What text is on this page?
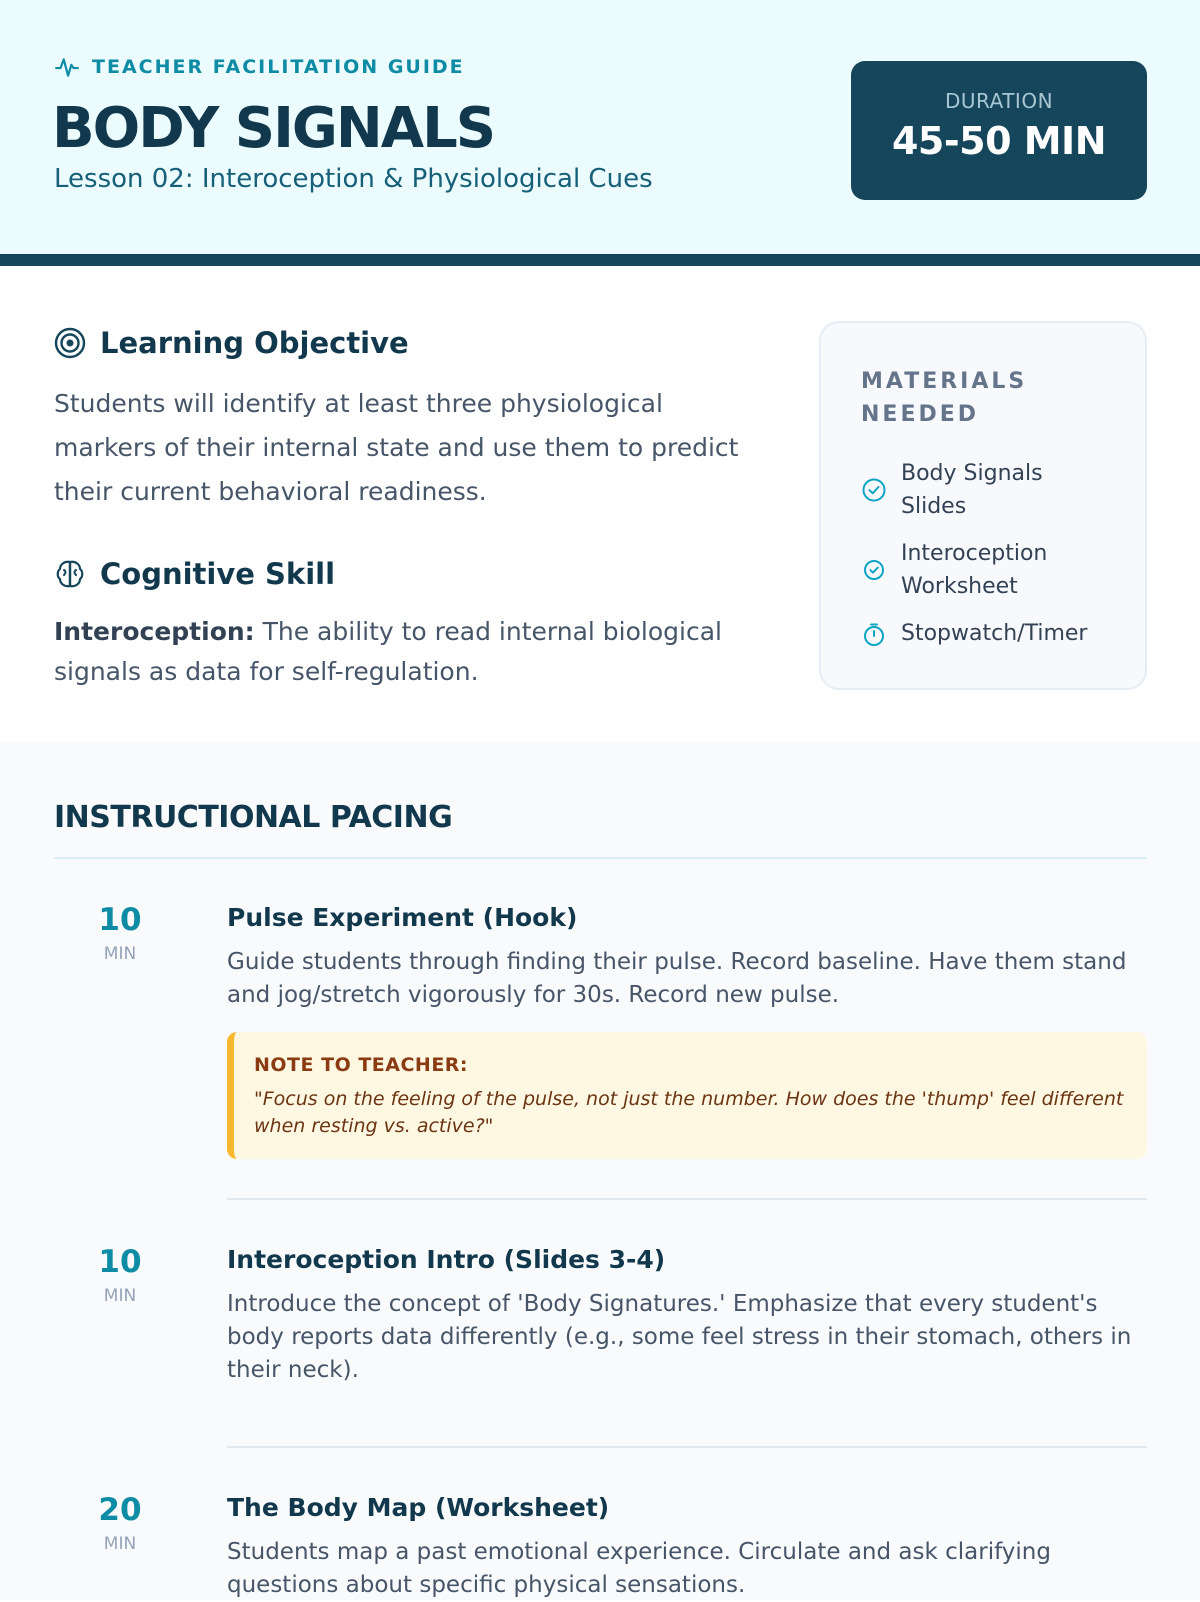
TEACHER FACILITATION GUIDE
BODY SIGNALS
Lesson 02: Interoception & Physiological Cues
DURATION
45-50 MIN
Learning Objective
Students will identify at least three physiological markers of their internal state and use them to predict their current behavioral readiness.
Cognitive Skill
Interoception: The ability to read internal biological signals as data for self-regulation.
MATERIALS NEEDED
Body Signals Slides
Interoception Worksheet
Stopwatch/Timer
INSTRUCTIONAL PACING
10
MIN
Pulse Experiment (Hook)
Guide students through finding their pulse. Record baseline. Have them stand and jog/stretch vigorously for 30s. Record new pulse.
NOTE TO TEACHER:
"Focus on the feeling of the pulse, not just the number. How does the 'thump' feel different when resting vs. active?"
10
MIN
Interoception Intro (Slides 3-4)
Introduce the concept of 'Body Signatures.' Emphasize that every student's body reports data differently (e.g., some feel stress in their stomach, others in their neck).
20
MIN
The Body Map (Worksheet)
Students map a past emotional experience. Circulate and ask clarifying questions about specific physical sensations.
